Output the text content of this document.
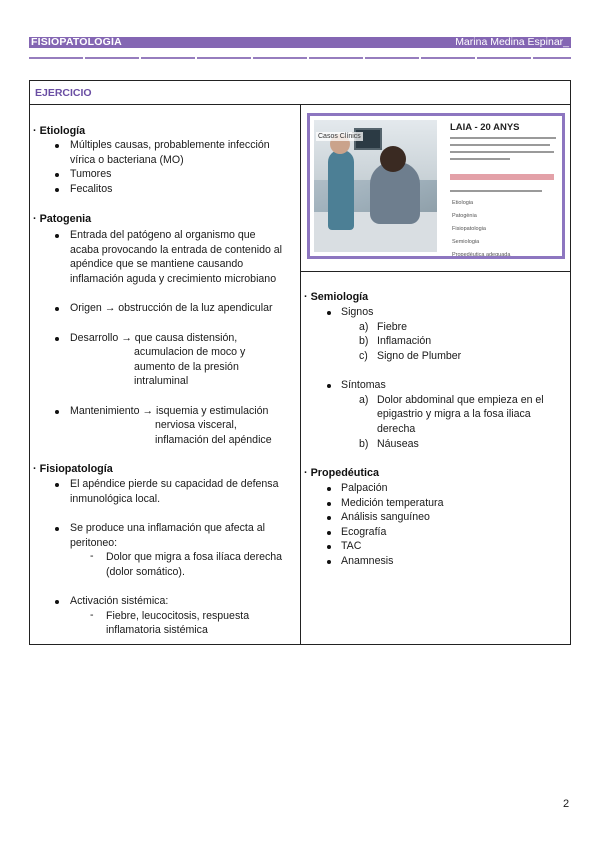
FISIOPATOLOGÍA	Marina Medina Espinar_
EJERCICIO
· Etiología
Múltiples causas, probablemente infección
vírica o bacteriana (MO)
Tumores
Fecalitos
· Patogenia
Entrada del patógeno al organismo que
acaba provocando la entrada de contenido al
apéndice que se mantiene causando
inflamación aguda y crecimiento microbiano
Origen → obstrucción de la luz apendicular
Desarrollo → que causa distensión,
acumulacion de moco y
aumento de la presión
intraluminal
Mantenimiento → isquemia y estimulación
nerviosa visceral,
inflamación del apéndice
· Fisiopatología
El apéndice pierde su capacidad de defensa
inmunológica local.
Se produce una inflamación que afecta al
peritoneo:
- Dolor que migra a fosa ilíaca derecha
(dolor somático).
Activación sistémica:
- Fiebre, leucocitosis, respuesta
inflamatoria sistémica
Casos Clínics
LAIA - 20 ANYS
Etiologia
Patogènia
Fisiopatologia
Semiologia
Propedèutica adequada
· Semiología
Signos
a) Fiebre
b) Inflamación
c) Signo de Plumber
Síntomas
a) Dolor abdominal que empieza en el
epigastrio y migra a la fosa iliaca
derecha
b) Náuseas
· Propedéutica
Palpación
Medición temperatura
Análisis sanguíneo
Ecografía
TAC
Anamnesis
2
